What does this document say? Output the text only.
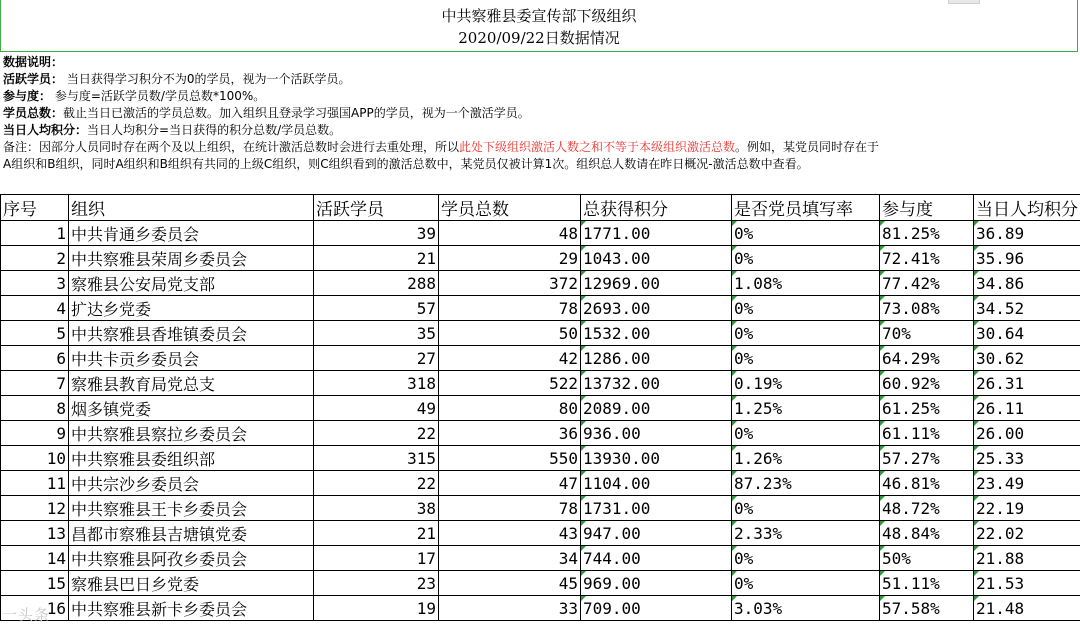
中共察雅县委宣传部下级组织
2020/09/22日数据情况
数据说明：
活跃学员： 当日获得学习积分不为0的学员，视为一个活跃学员。
参与度： 参与度=活跃学员数/学员总数*100%。
学员总数：截止当日已激活的学员总数。加入组织且登录学习强国APP的学员，视为一个激活学员。
当日人均积分：当日人均积分=当日获得的积分总数/学员总数。
备注：因部分人员同时存在两个及以上组织，在统计激活总数时会进行去重处理，所以此处下级组织激活人数之和不等于本级组织激活总数。例如，某党员同时存在于
A组织和B组织，同时A组织和B组织有共同的上级C组织，则C组织看到的激活总数中，某党员仅被计算1次。组织总人数请在昨日概况-激活总数中查看。
序号	组织	活跃学员	学员总数	总获得积分	是否党员填写率	参与度	当日人均积分
1	中共肯通乡委员会	39	48	1771.00	0%	81.25%	36.89
2	中共察雅县荣周乡委员会	21	29	1043.00	0%	72.41%	35.96
3	察雅县公安局党支部	288	372	12969.00	1.08%	77.42%	34.86
4	扩达乡党委	57	78	2693.00	0%	73.08%	34.52
5	中共察雅县香堆镇委员会	35	50	1532.00	0%	70%	30.64
6	中共卡贡乡委员会	27	42	1286.00	0%	64.29%	30.62
7	察雅县教育局党总支	318	522	13732.00	0.19%	60.92%	26.31
8	烟多镇党委	49	80	2089.00	1.25%	61.25%	26.11
9	中共察雅县察拉乡委员会	22	36	936.00	0%	61.11%	26.00
10	中共察雅县委组织部	315	550	13930.00	1.26%	57.27%	25.33
11	中共宗沙乡委员会	22	47	1104.00	87.23%	46.81%	23.49
12	中共察雅县王卡乡委员会	38	78	1731.00	0%	48.72%	22.19
13	昌都市察雅县吉塘镇党委	21	43	947.00	2.33%	48.84%	22.02
14	中共察雅县阿孜乡委员会	17	34	744.00	0%	50%	21.88
15	察雅县巴日乡党委	23	45	969.00	0%	51.11%	21.53
16	中共察雅县新卡乡委员会	19	33	709.00	3.03%	57.58%	21.48
一头条
